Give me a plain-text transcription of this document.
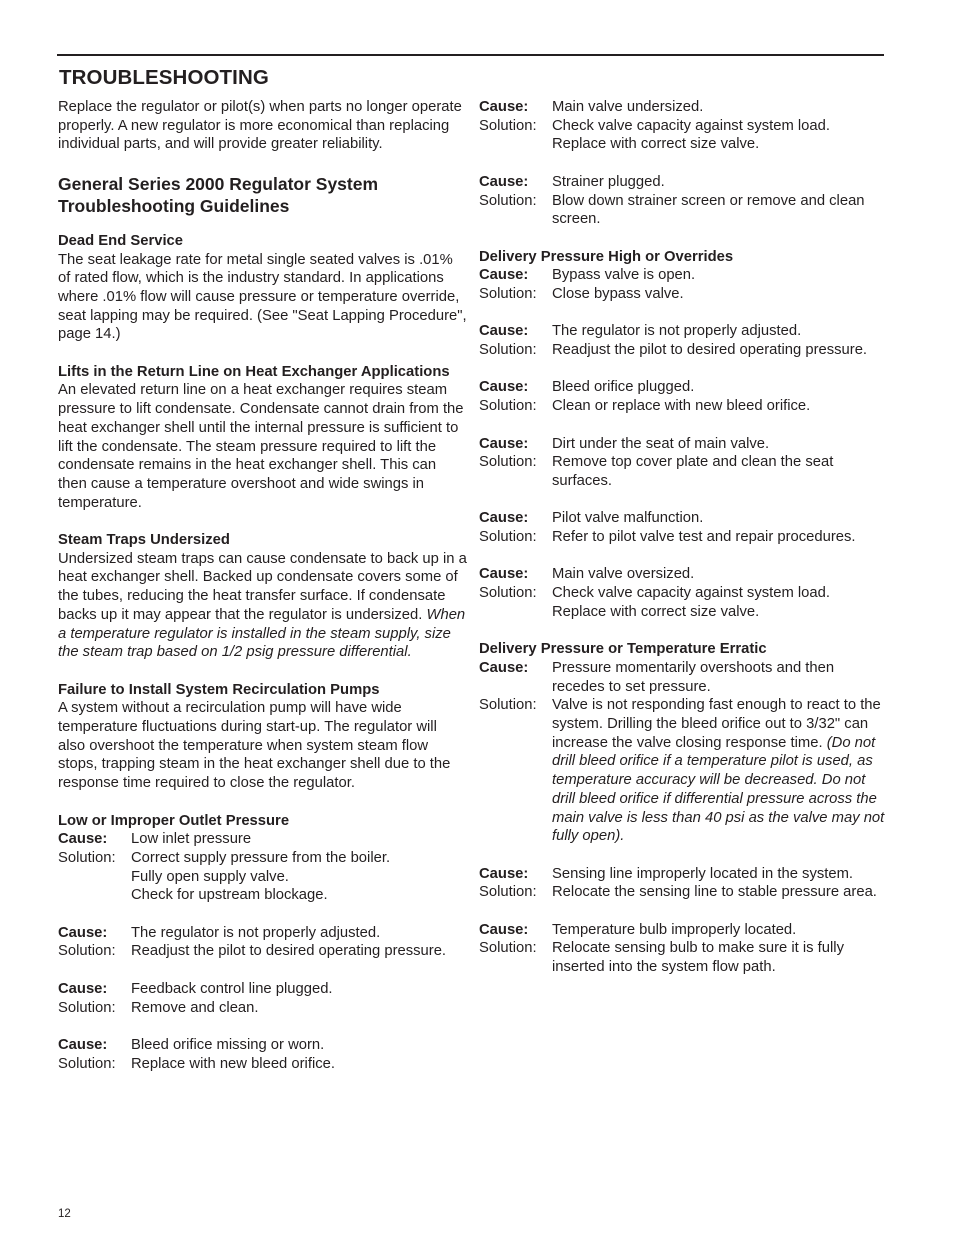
TROUBLESHOOTING

Replace the regulator or pilot(s) when parts no longer operate properly. A new regulator is more economical than replacing individual parts, and will provide greater reliability.

General Series 2000 Regulator System Troubleshooting Guidelines

Dead End Service

The seat leakage rate for metal single seated valves is .01% of rated flow, which is the industry standard. In applications where .01% flow will cause pressure or temperature override, seat lapping may be required. (See "Seat Lapping Procedure", page 14.)

Lifts in the Return Line on Heat Exchanger Applications

An elevated return line on a heat exchanger requires steam pressure to lift condensate. Condensate cannot drain from the heat exchanger shell until the internal pressure is sufficient to lift the condensate. The steam pressure required to lift the condensate remains in the heat exchanger shell. This can then cause a temperature overshoot and wide swings in temperature.

Steam Traps Undersized

Undersized steam traps can cause condensate to back up in a heat exchanger shell. Backed up condensate covers some of the tubes, reducing the heat transfer surface. If condensate backs up it may appear that the regulator is undersized. When a temperature regulator is installed in the steam supply, size the steam trap based on 1/2 psig pressure differential.

Failure to Install System Recirculation Pumps

A system without a recirculation pump will have wide temperature fluctuations during start-up. The regulator will also overshoot the temperature when system steam flow stops, trapping steam in the heat exchanger shell due to the response time required to close the regulator.

Low or Improper Outlet Pressure

Cause:	Low inlet pressure
Solution:	Correct supply pressure from the boiler.
Fully open supply valve.
Check for upstream blockage.
Cause:	The regulator is not properly adjusted.
Solution:	Readjust the pilot to desired operating pressure.
Cause:	Feedback control line plugged.
Solution:	Remove and clean.
Cause:	Bleed orifice missing or worn.
Solution:	Replace with new bleed orifice.
Cause:	Main valve undersized.
Solution:	Check valve capacity against system load.
Replace with correct size valve.
Cause:	Strainer plugged.
Solution:	Blow down strainer screen or remove and clean screen.

Delivery Pressure High or Overrides

Cause:	Bypass valve is open.
Solution:	Close bypass valve.
Cause:	The regulator is not properly adjusted.
Solution:	Readjust the pilot to desired operating pressure.
Cause:	Bleed orifice plugged.
Solution:	Clean or replace with new bleed orifice.
Cause:	Dirt under the seat of main valve.
Solution:	Remove top cover plate and clean the seat surfaces.
Cause:	Pilot valve malfunction.
Solution:	Refer to pilot valve test and repair procedures.
Cause:	Main valve oversized.
Solution:	Check valve capacity against system load.
Replace with correct size valve.

Delivery Pressure or Temperature Erratic

Cause:	Pressure momentarily overshoots and then recedes to set pressure.
Solution:	Valve is not responding fast enough to react to the system. Drilling the bleed orifice out to 3/32" can increase the valve closing response time. (Do not drill bleed orifice if a temperature pilot is used, as temperature accuracy will be decreased. Do not drill bleed orifice if differential pressure across the main valve is less than 40 psi as the valve may not fully open).
Cause:	Sensing line improperly located in the system.
Solution:	Relocate the sensing line to stable pressure area.
Cause:	Temperature bulb improperly located.
Solution:	Relocate sensing bulb to make sure it is fully inserted into the system flow path.
12
